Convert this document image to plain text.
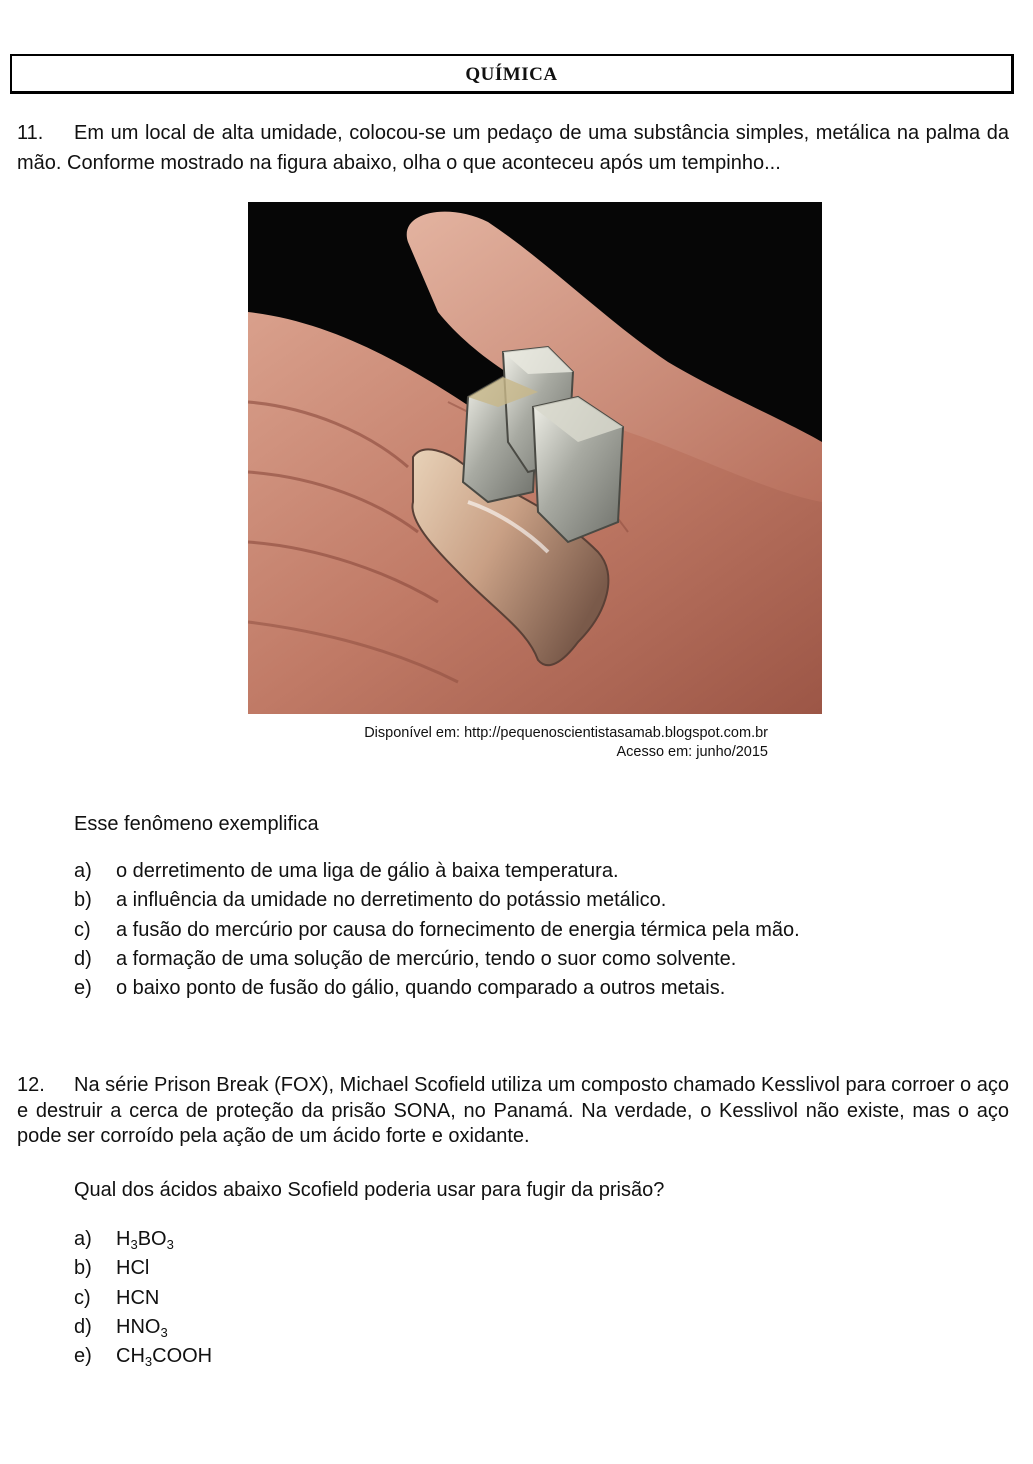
QUÍMICA
11. Em um local de alta umidade, colocou-se um pedaço de uma substância simples, metálica na palma da mão. Conforme mostrado na figura abaixo, olha o que aconteceu após um tempinho...
Disponível em: http://pequenoscientistasamab.blogspot.com.br
Acesso em: junho/2015
Esse fenômeno exemplifica
a)	o derretimento de uma liga de gálio à baixa temperatura.
b)	a influência da umidade no derretimento do potássio metálico.
c)	a fusão do mercúrio por causa do fornecimento de energia térmica pela mão.
d)	a formação de uma solução de mercúrio, tendo o suor como solvente.
e)	o baixo ponto de fusão do gálio, quando comparado a outros metais.
12. Na série Prison Break (FOX), Michael Scofield utiliza um composto chamado Kesslivol para corroer o aço e destruir a cerca de proteção da prisão SONA, no Panamá. Na verdade, o Kesslivol não existe, mas o aço pode ser corroído pela ação de um ácido forte e oxidante.
Qual dos ácidos abaixo Scofield poderia usar para fugir da prisão?
a)	$H_3BO_3$
b)	HCl
c)	HCN
d)	$HNO_3$
e)	$CH_3COOH$
